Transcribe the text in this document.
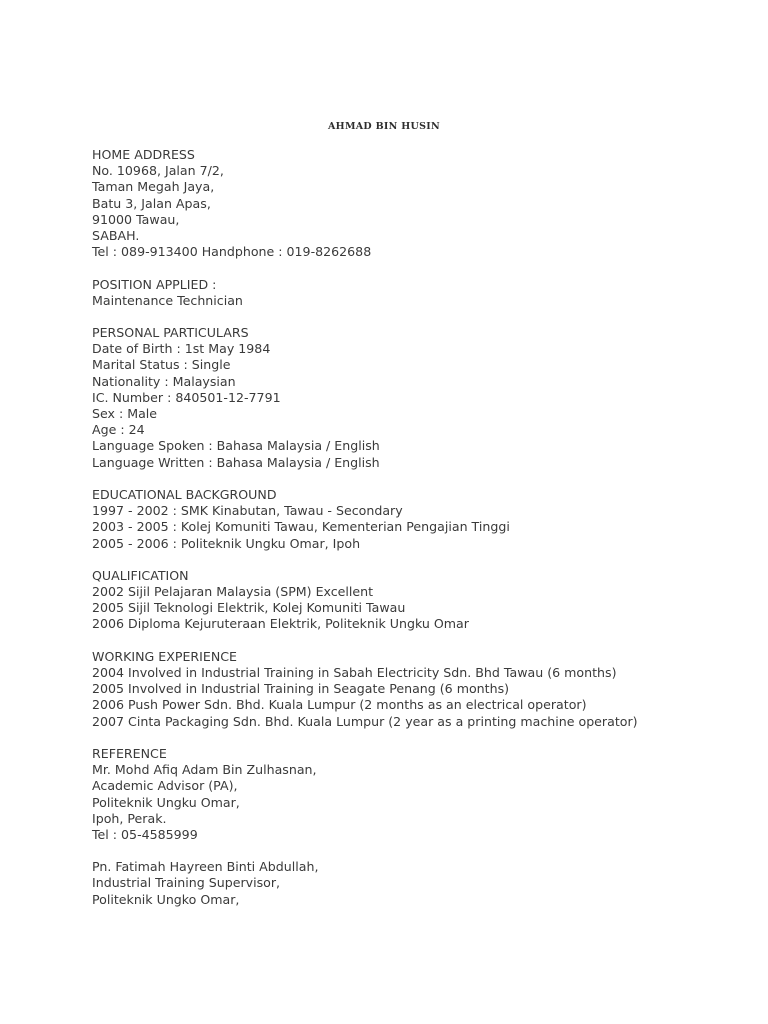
AHMAD BIN HUSIN
HOME ADDRESS
No. 10968, Jalan 7/2,
Taman Megah Jaya,
Batu 3, Jalan Apas,
91000 Tawau,
SABAH.
Tel : 089-913400 Handphone : 019-8262688
POSITION APPLIED :
Maintenance Technician
PERSONAL PARTICULARS
Date of Birth : 1st May 1984
Marital Status : Single
Nationality : Malaysian
IC. Number : 840501-12-7791
Sex : Male
Age : 24
Language Spoken : Bahasa Malaysia / English
Language Written : Bahasa Malaysia / English
EDUCATIONAL BACKGROUND
1997 - 2002 : SMK Kinabutan, Tawau - Secondary
2003 - 2005 : Kolej Komuniti Tawau, Kementerian Pengajian Tinggi
2005 - 2006 : Politeknik Ungku Omar, Ipoh
QUALIFICATION
2002 Sijil Pelajaran Malaysia (SPM) Excellent
2005 Sijil Teknologi Elektrik, Kolej Komuniti Tawau
2006 Diploma Kejuruteraan Elektrik, Politeknik Ungku Omar
WORKING EXPERIENCE
2004 Involved in Industrial Training in Sabah Electricity Sdn. Bhd Tawau (6 months)
2005 Involved in Industrial Training in Seagate Penang (6 months)
2006 Push Power Sdn. Bhd. Kuala Lumpur (2 months as an electrical operator)
2007 Cinta Packaging Sdn. Bhd. Kuala Lumpur (2 year as a printing machine operator)
REFERENCE
Mr. Mohd Afiq Adam Bin Zulhasnan,
Academic Advisor (PA),
Politeknik Ungku Omar,
Ipoh, Perak.
Tel : 05-4585999
Pn. Fatimah Hayreen Binti Abdullah,
Industrial Training Supervisor,
Politeknik Ungko Omar,
